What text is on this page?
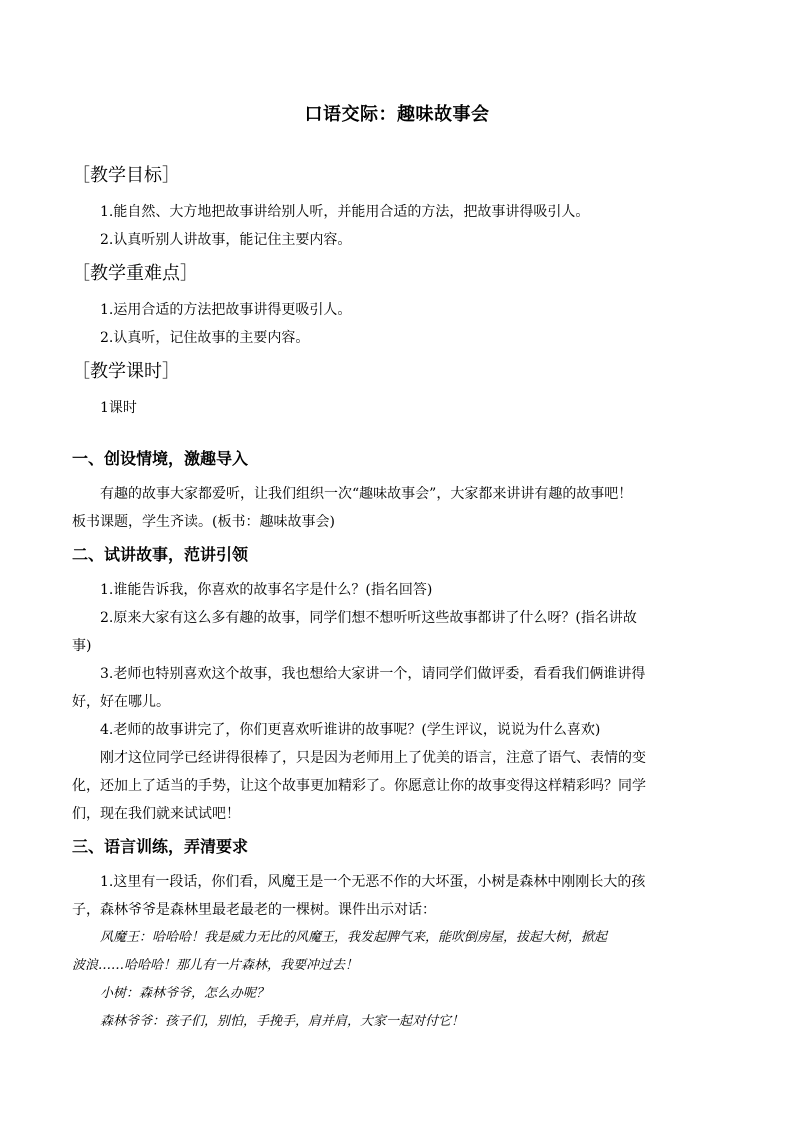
口语交际：趣味故事会
［教学目标］

1.能自然、大方地把故事讲给别人听，并能用合适的方法，把故事讲得吸引人。

2.认真听别人讲故事，能记住主要内容。

［教学重难点］

1.运用合适的方法把故事讲得更吸引人。

2.认真听，记住故事的主要内容。

［教学课时］

1课时

一、创设情境，激趣导入

有趣的故事大家都爱听，让我们组织一次“趣味故事会”，大家都来讲讲有趣的故事吧！

板书课题，学生齐读。(板书：趣味故事会)

二、试讲故事，范讲引领

1.谁能告诉我，你喜欢的故事名字是什么？(指名回答)

2.原来大家有这么多有趣的故事，同学们想不想听听这些故事都讲了什么呀？(指名讲故

事)

3.老师也特别喜欢这个故事，我也想给大家讲一个，请同学们做评委，看看我们俩谁讲得

好，好在哪儿。

4.老师的故事讲完了，你们更喜欢听谁讲的故事呢？(学生评议，说说为什么喜欢)

刚才这位同学已经讲得很棒了，只是因为老师用上了优美的语言，注意了语气、表情的变

化，还加上了适当的手势，让这个故事更加精彩了。你愿意让你的故事变得这样精彩吗？同学

们，现在我们就来试试吧！

三、语言训练，弄清要求

1.这里有一段话，你们看，风魔王是一个无恶不作的大坏蛋，小树是森林中刚刚长大的孩

子，森林爷爷是森林里最老最老的一棵树。课件出示对话：

风魔王：哈哈哈！我是威力无比的风魔王，我发起脾气来，能吹倒房屋，拔起大树，掀起

波浪……哈哈哈！那儿有一片森林，我要冲过去！

小树：森林爷爷，怎么办呢？

森林爷爷：孩子们，别怕，手挽手，肩并肩，大家一起对付它！
